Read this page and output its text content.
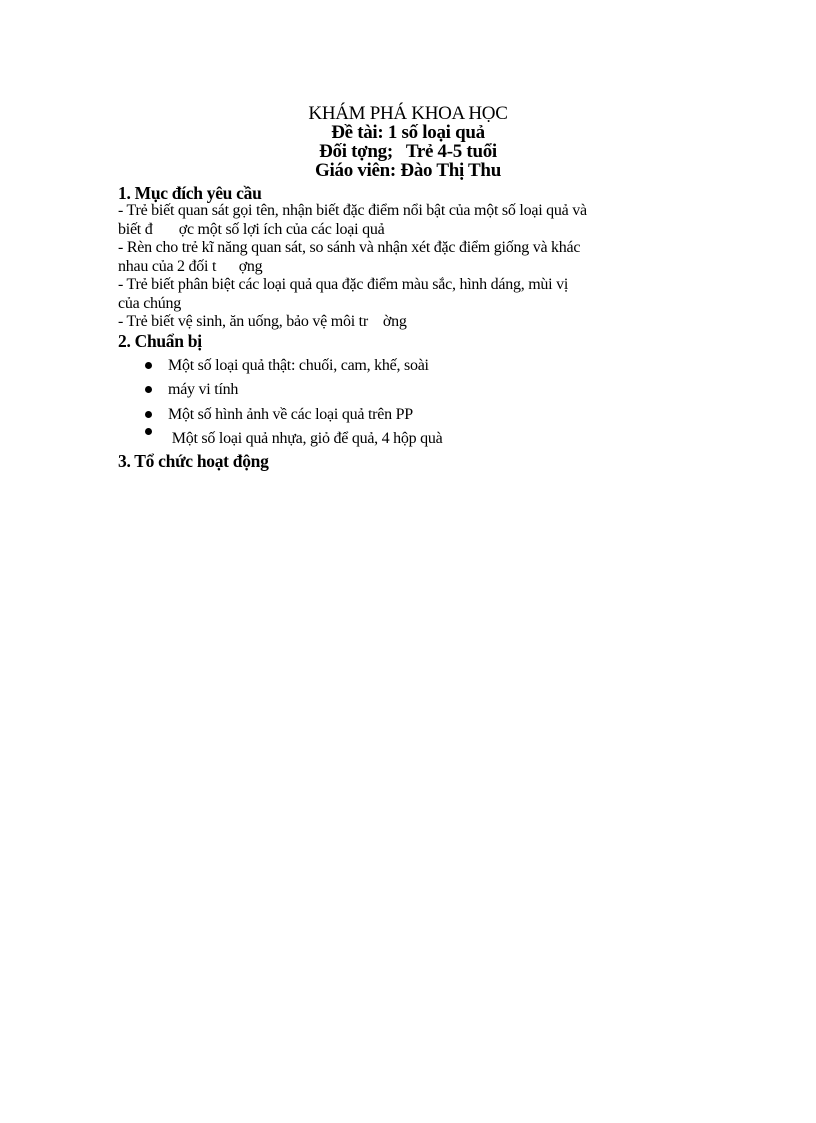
KHÁM PHÁ KHOA HỌC
Đề tài: 1 số loại quả
Đối tợng;   Trẻ 4-5 tuổi
Giáo viên: Đào Thị Thu
1. Mục đích yêu cầu
- Trẻ biết quan sát gọi tên, nhận biết đặc điểm nổi bật của một số loại quả và
biết đ       ợc một số lợi ích của các loại quả
- Rèn cho trẻ kĩ năng quan sát, so sánh và nhận xét đặc điểm giống và khác
nhau của 2 đối t      ợng
- Trẻ biết phân biệt các loại quả qua đặc điểm màu sắc, hình dáng, mùi vị
của chúng
- Trẻ biết vệ sinh, ăn uống, bảo vệ môi tr    ờng
2. Chuẩn bị
Một số loại quả thật: chuối, cam, khế, soài
máy vi tính
Một số hình ảnh về các loại quả trên PP
Một số loại quả nhựa, giỏ để quả, 4 hộp quà
3. Tổ chức hoạt động
